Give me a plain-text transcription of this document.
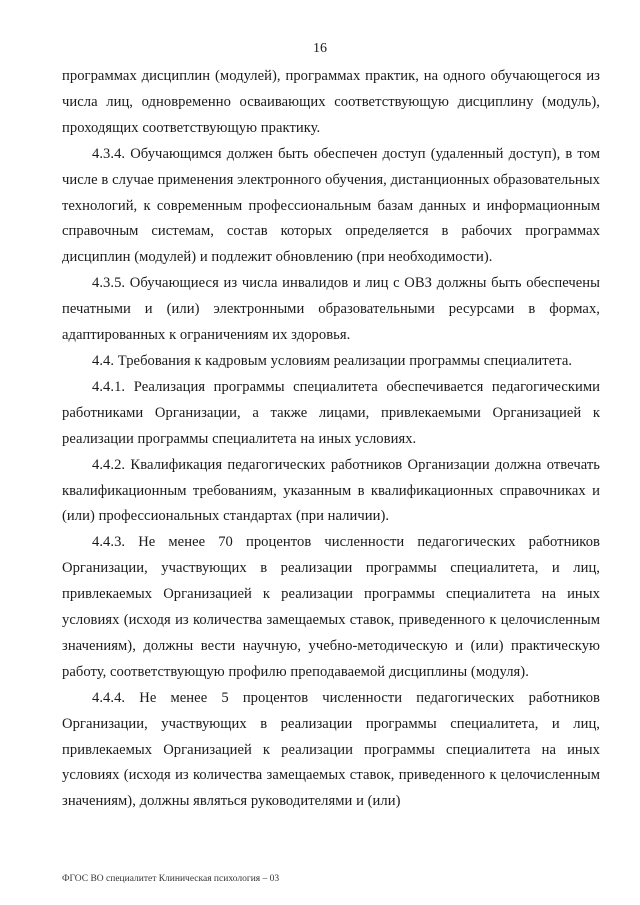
16

программах дисциплин (модулей), программах практик, на одного обучающегося из числа лиц, одновременно осваивающих соответствующую дисциплину (модуль), проходящих соответствующую практику.

4.3.4. Обучающимся должен быть обеспечен доступ (удаленный доступ), в том числе в случае применения электронного обучения, дистанционных образовательных технологий, к современным профессиональным базам данных и информационным справочным системам, состав которых определяется в рабочих программах дисциплин (модулей) и подлежит обновлению (при необходимости).

4.3.5. Обучающиеся из числа инвалидов и лиц с ОВЗ должны быть обеспечены печатными и (или) электронными образовательными ресурсами в формах, адаптированных к ограничениям их здоровья.

4.4. Требования к кадровым условиям реализации программы специалитета.

4.4.1. Реализация программы специалитета обеспечивается педагогическими работниками Организации, а также лицами, привлекаемыми Организацией к реализации программы специалитета на иных условиях.

4.4.2. Квалификация педагогических работников Организации должна отвечать квалификационным требованиям, указанным в квалификационных справочниках и (или) профессиональных стандартах (при наличии).

4.4.3. Не менее 70 процентов численности педагогических работников Организации, участвующих в реализации программы специалитета, и лиц, привлекаемых Организацией к реализации программы специалитета на иных условиях (исходя из количества замещаемых ставок, приведенного к целочисленным значениям), должны вести научную, учебно-методическую и (или) практическую работу, соответствующую профилю преподаваемой дисциплины (модуля).

4.4.4. Не менее 5 процентов численности педагогических работников Организации, участвующих в реализации программы специалитета, и лиц, привлекаемых Организацией к реализации программы специалитета на иных условиях (исходя из количества замещаемых ставок, приведенного к целочисленным значениям), должны являться руководителями и (или)

ФГОС ВО специалитет Клиническая психология – 03
